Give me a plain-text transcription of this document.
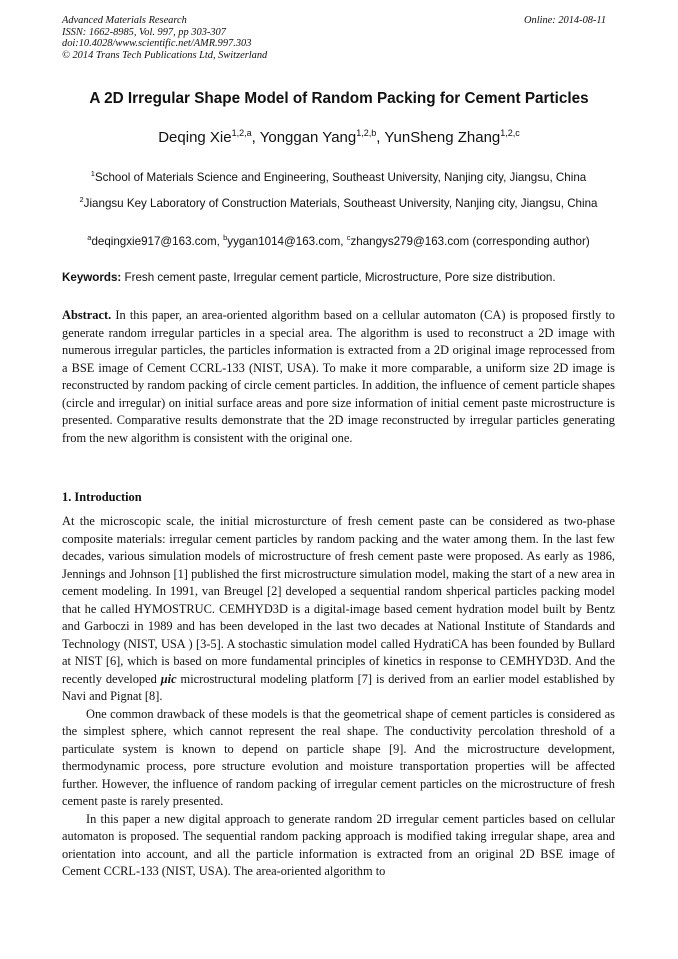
Advanced Materials Research
ISSN: 1662-8985, Vol. 997, pp 303-307
doi:10.4028/www.scientific.net/AMR.997.303
© 2014 Trans Tech Publications Ltd, Switzerland
Online: 2014-08-11
A 2D Irregular Shape Model of Random Packing for Cement Particles
Deqing Xie$^{1,2,a}$, Yonggan Yang$^{1,2,b}$, YunSheng Zhang$^{1,2,c}$
$^1$School of Materials Science and Engineering, Southeast University, Nanjing city, Jiangsu, China
$^2$Jiangsu Key Laboratory of Construction Materials, Southeast University, Nanjing city, Jiangsu, China
$^a$deqingxie917@163.com, $^b$yygan1014@163.com, $^c$zhangys279@163.com (corresponding author)
Keywords: Fresh cement paste, Irregular cement particle, Microstructure, Pore size distribution.
Abstract. In this paper, an area-oriented algorithm based on a cellular automaton (CA) is proposed firstly to generate random irregular particles in a special area. The algorithm is used to reconstruct a 2D image with numerous irregular particles, the particles information is extracted from a 2D original image reprocessed from a BSE image of Cement CCRL-133 (NIST, USA). To make it more comparable, a uniform size 2D image is reconstructed by random packing of circle cement particles. In addition, the influence of cement particle shapes (circle and irregular) on initial surface areas and pore size information of initial cement paste microstructure is presented. Comparative results demonstrate that the 2D image reconstructed by irregular particles generating from the new algorithm is consistent with the original one.
1. Introduction

At the microscopic scale, the initial microsturcture of fresh cement paste can be considered as two-phase composite materials: irregular cement particles by random packing and the water among them. In the last few decades, various simulation models of microstructure of fresh cement paste were proposed. As early as 1986, Jennings and Johnson [1] published the first microstructure simulation model, making the start of a new area in cement modeling. In 1991, van Breugel [2] developed a sequential random shperical particles packing model that he called HYMOSTRUC. CEMHYD3D is a digital-image based cement hydration model built by Bentz and Garboczi in 1989 and has been developed in the last two decades at National Institute of Standards and Technology (NIST, USA ) [3-5]. A stochastic simulation model called HydratiCA has been founded by Bullard at NIST [6], which is based on more fundamental principles of kinetics in response to CEMHYD3D. And the recently developed μic microstructural modeling platform [7] is derived from an earlier model established by Navi and Pignat [8].

One common drawback of these models is that the geometrical shape of cement particles is considered as the simplest sphere, which cannot represent the real shape. The conductivity percolation threshold of a particulate system is known to depend on particle shape [9]. And the microstructure development, thermodynamic process, pore structure evolution and moisture transportation properties will be affected further. However, the influence of random packing of irregular cement particles on the microstructure of fresh cement paste is rarely presented.

In this paper a new digital approach to generate random 2D irregular cement particles based on cellular automaton is proposed. The sequential random packing approach is modified taking irregular shape, area and orientation into account, and all the particle information is extracted from an original 2D BSE image of Cement CCRL-133 (NIST, USA). The area-oriented algorithm to
